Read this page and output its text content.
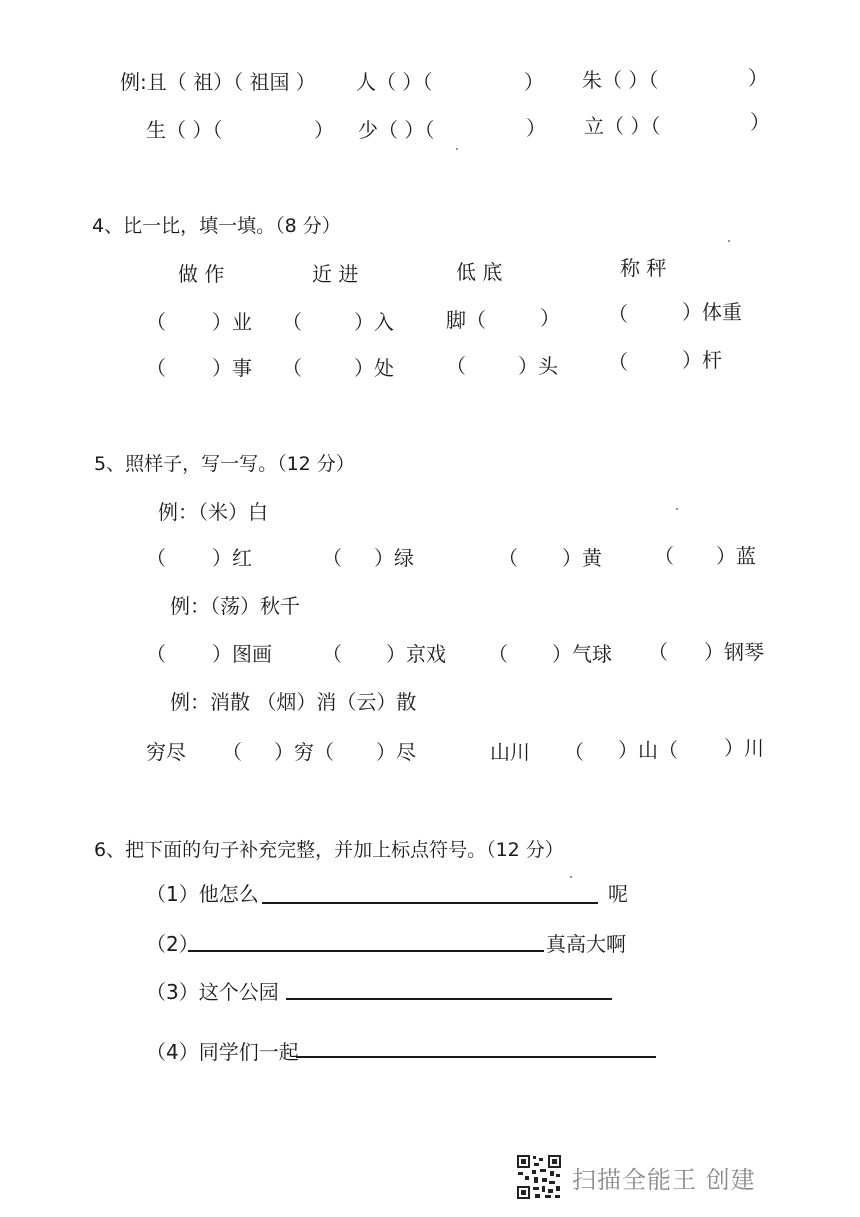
例:且（ 祖）（ 祖国 ） 人（ ）（	） 朱（ ）（	）
生（ ）（	） 少（ ）（	） 立（ ）（	）
4、比一比，填一填。（8 分）
做 作	近 进	低 底	称 秤
（ ）业 （	）入	脚（	） （	）体重
（ ）事 （	）处	（	）头	（	）杆
5、照样子，写一写。（12 分）
例：（米）白
（ ）红	（ ）绿	（ ）黄	（ ）蓝
例：（荡）秋千
（ ）图画	（ ）京戏 （ ）气球 （ ）钢琴
例：消散 （烟）消（云）散
穷尽 （ ）穷（ ）尽	山川 （ ）山（ ）川
6、把下面的句子补充完整，并加上标点符号。（12 分）
（1）他怎么	呢
（2）	真高大啊
（3）这个公园
（4）同学们一起
扫描全能王 创建
